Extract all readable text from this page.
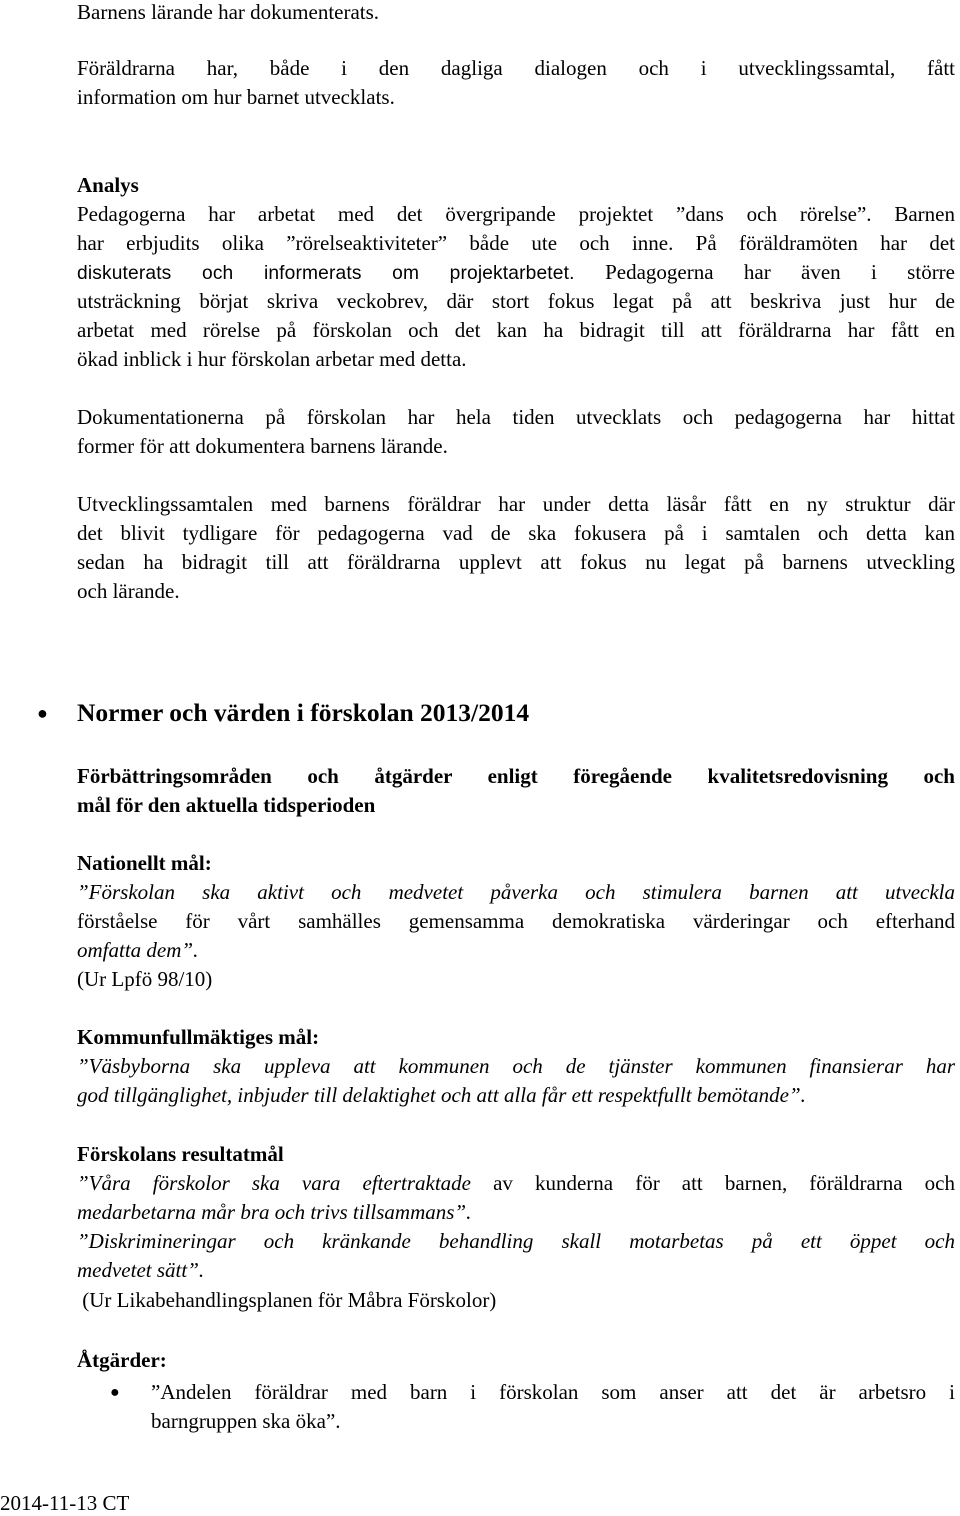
Barnens lärande har dokumenterats.
Föräldrarna har, både i den dagliga dialogen och i utvecklingssamtal, fått
information om hur barnet utvecklats.
Analys
Pedagogerna har arbetat med det övergripande projektet ”dans och rörelse”. Barnen
har erbjudits olika ”rörelseaktiviteter” både ute och inne. På föräldramöten har det
diskuterats och informerats om projektarbetet. Pedagogerna har även i större
utsträckning börjat skriva veckobrev, där stort fokus legat på att beskriva just hur de
arbetat med rörelse på förskolan och det kan ha bidragit till att föräldrarna har fått en
ökad inblick i hur förskolan arbetar med detta.
Dokumentationerna på förskolan har hela tiden utvecklats och pedagogerna har hittat
former för att dokumentera barnens lärande.
Utvecklingssamtalen med barnens föräldrar har under detta läsår fått en ny struktur där
det blivit tydligare för pedagogerna vad de ska fokusera på i samtalen och detta kan
sedan ha bidragit till att föräldrarna upplevt att fokus nu legat på barnens utveckling
och lärande.
● Normer och värden i förskolan 2013/2014
Förbättringsområden och åtgärder enligt föregående kvalitetsredovisning och
mål för den aktuella tidsperioden
Nationellt mål:
”Förskolan ska aktivt och medvetet påverka och stimulera barnen att utveckla
förståelse för vårt samhälles gemensamma demokratiska värderingar och efterhand
omfatta dem”.
(Ur Lpfö 98/10)
Kommunfullmäktiges mål:
”Väsbyborna ska uppleva att kommunen och de tjänster kommunen finansierar har
god tillgänglighet, inbjuder till delaktighet och att alla får ett respektfullt bemötande”.
Förskolans resultatmål
”Våra förskolor ska vara eftertraktade av kunderna för att barnen, föräldrarna och
medarbetarna mår bra och trivs tillsammans”.
”Diskrimineringar och kränkande behandling skall motarbetas på ett öppet och
medvetet sätt”.
(Ur Likabehandlingsplanen för Måbra Förskolor)
Åtgärder:
● ”Andelen föräldrar med barn i förskolan som anser att det är arbetsro i
barngruppen ska öka”.
2014-11-13 CT
